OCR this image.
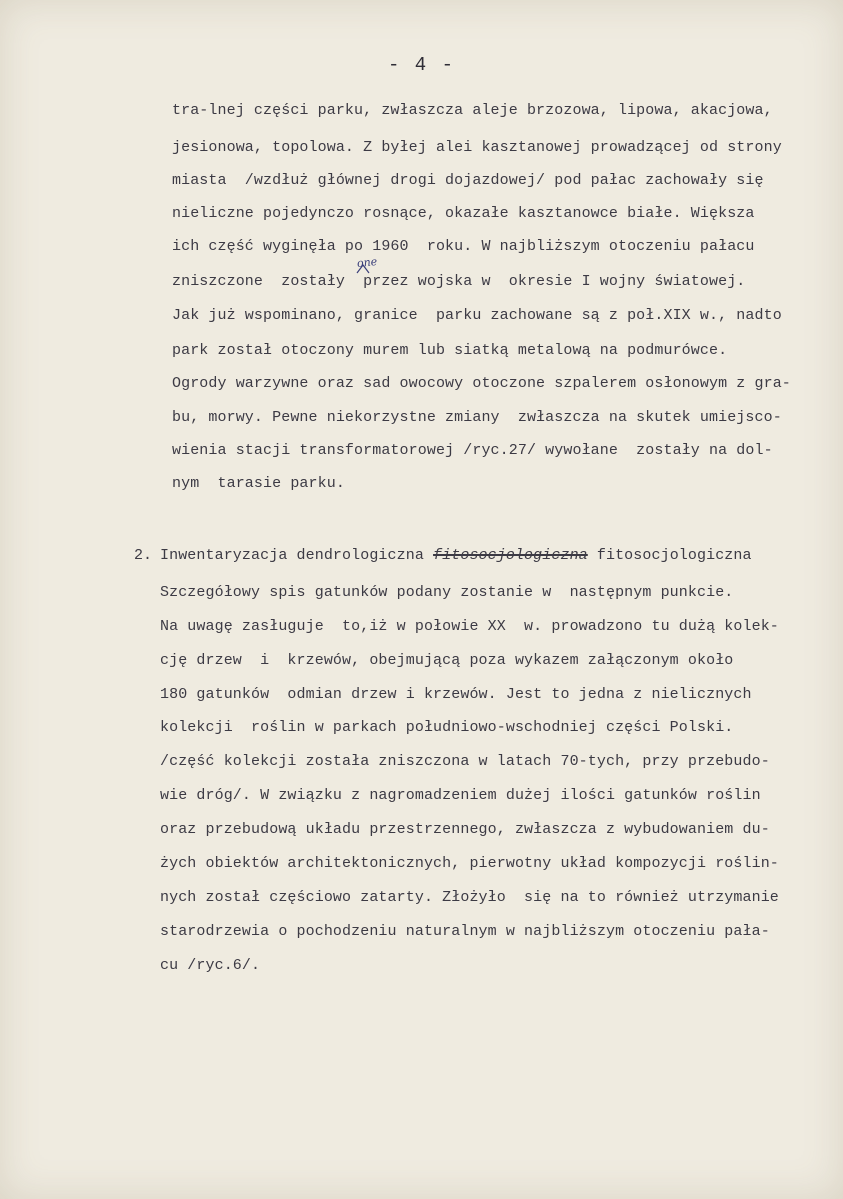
- 4 -
tra-lnej części parku, zwłaszcza aleje brzozowa, lipowa, akacjowa,
jesionowa, topolowa. Z byłej alei kasztanowej prowadzącej od strony
miasta  /wzdłuż głównej drogi dojazdowej/ pod pałac zachowały się
nieliczne pojedynczo rosnące, okazałe kasztanowce białe. Większa
ich część wyginęła po 1960  roku. W najbliższym otoczeniu pałacu
zniszczone  zostały  przez wojska w  okresie I wojny światowej.
Jak już wspominano, granice  parku zachowane są z poł.XIX w., nadto
park został otoczony murem lub siatką metalową na podmurówce.
Ogrody warzywne oraz sad owocowy otoczone szpalerem osłonowym z gra-
bu, morwy. Pewne niekorzystne zmiany  zwłaszcza na skutek umiejsco-
wienia stacji transformatorowej /ryc.27/ wywołane  zostały na dol-
nym  tarasie parku.
one
2. Inwentaryzacja dendrologiczna fitosocjologiczna fitosocjologiczna
Szczegółowy spis gatunków podany zostanie w  następnym punkcie.
Na uwagę zasługuje  to,iż w połowie XX  w. prowadzono tu dużą kolek-
cję drzew  i  krzewów, obejmującą poza wykazem załączonym około
180 gatunków  odmian drzew i krzewów. Jest to jedna z nielicznych
kolekcji  roślin w parkach południowo-wschodniej części Polski.
/część kolekcji została zniszczona w latach 70-tych, przy przebudo-
wie dróg/. W związku z nagromadzeniem dużej ilości gatunków roślin
oraz przebudową układu przestrzennego, zwłaszcza z wybudowaniem du-
żych obiektów architektonicznych, pierwotny układ kompozycji roślin-
nych został częściowo zatarty. Złożyło  się na to również utrzymanie
starodrzewia o pochodzeniu naturalnym w najbliższym otoczeniu pała-
cu /ryc.6/.
